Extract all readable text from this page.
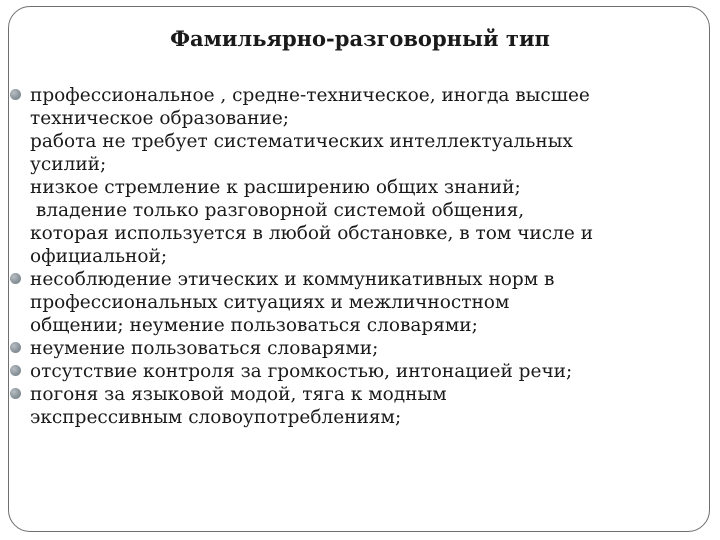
Фамильярно-разговорный тип
профессиональное , средне-техническое, иногда высшее
техническое образование;
работа не требует систематических интеллектуальных
усилий;
низкое стремление к расширению общих знаний;
владение только разговорной системой общения,
которая используется в любой обстановке, в том числе и
официальной;
несоблюдение этических и коммуникативных норм в
профессиональных ситуациях и межличностном
общении; неумение пользоваться словарями;
неумение пользоваться словарями;
отсутствие контроля за громкостью, интонацией речи;
погоня за языковой модой, тяга к модным
экспрессивным словоупотреблениям;
